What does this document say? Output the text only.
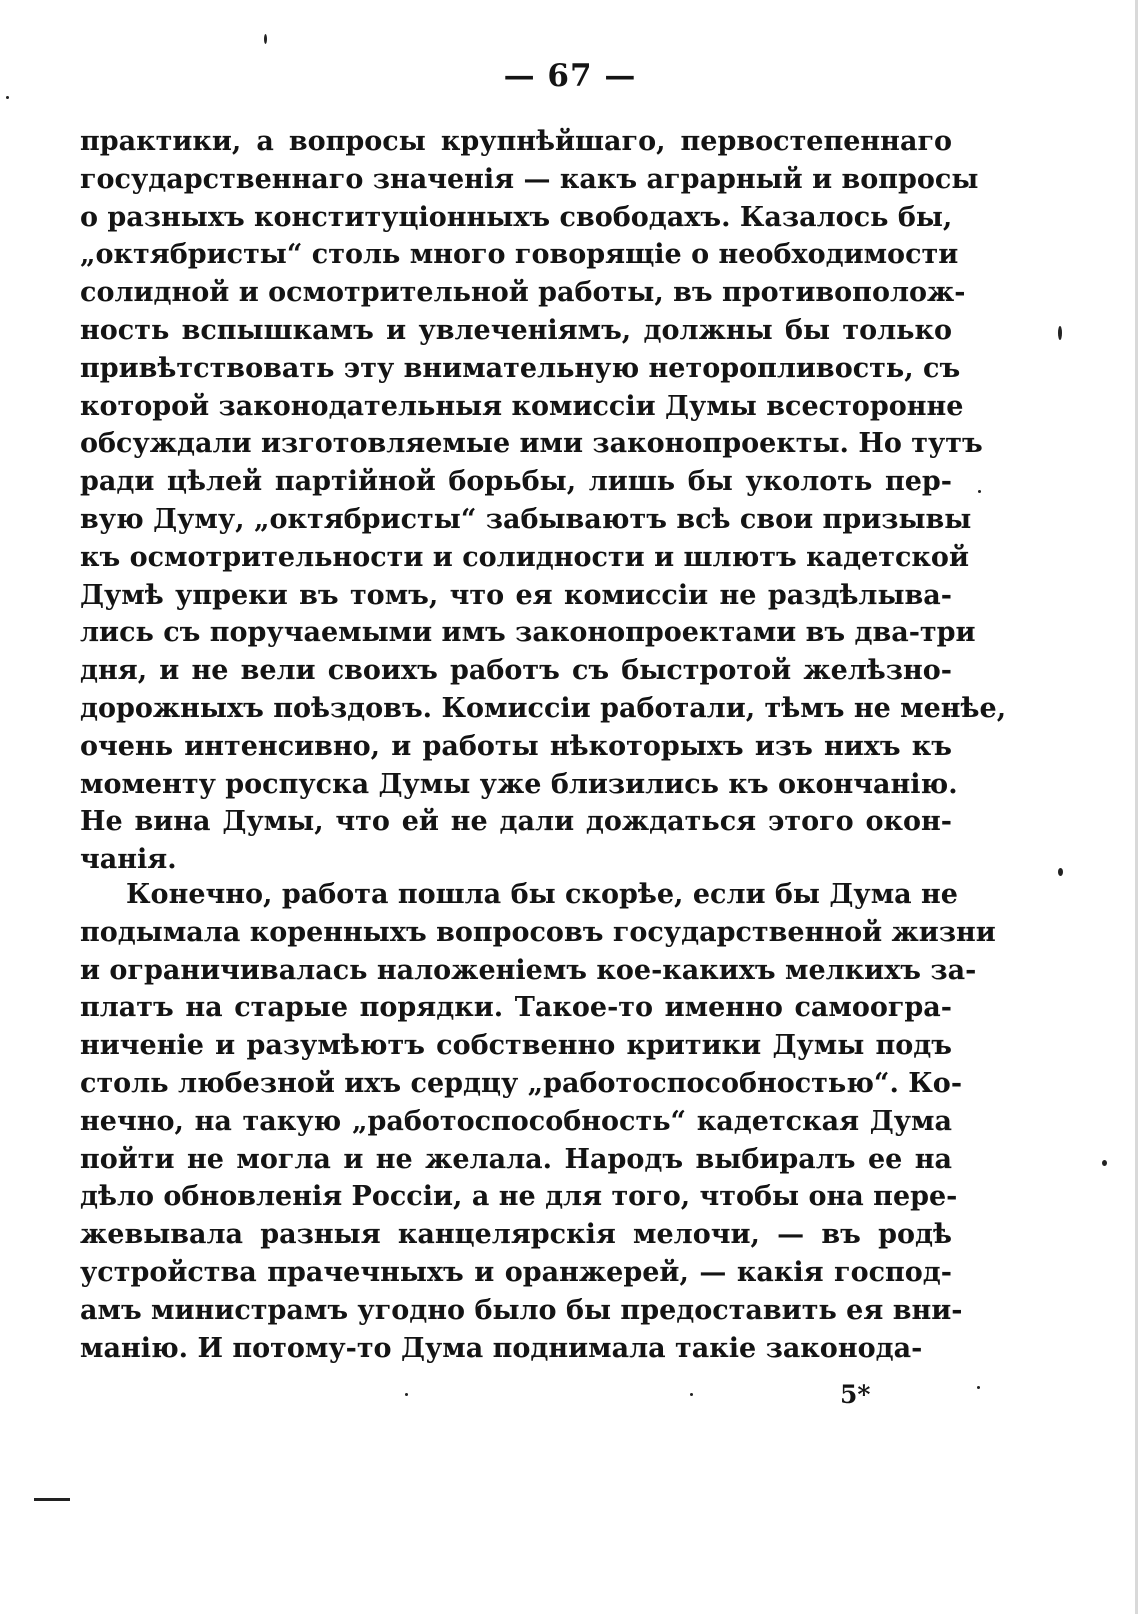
— 67 —
практики, а вопросы крупнѣйшаго, первостепеннаго
государственнаго значенія — какъ аграрный и вопросы
о разныхъ конституціонныхъ свободахъ. Казалось бы,
„октябристы“ столь много говорящіе о необходимости
солидной и осмотрительной работы, въ противополож-
ность вспышкамъ и увлеченіямъ, должны бы только
привѣтствовать эту внимательную неторопливость, съ
которой законодательныя комиссіи Думы всесторонне
обсуждали изготовляемые ими законопроекты. Но тутъ
ради цѣлей партійной борьбы, лишь бы уколоть пер-
вую Думу, „октябристы“ забываютъ всѣ свои призывы
къ осмотрительности и солидности и шлютъ кадетской
Думѣ упреки въ томъ, что ея комиссіи не раздѣлыва-
лись съ поручаемыми имъ законопроектами въ два-три
дня, и не вели своихъ работъ съ быстротой желѣзно-
дорожныхъ поѣздовъ. Комиссіи работали, тѣмъ не менѣе,
очень интенсивно, и работы нѣкоторыхъ изъ нихъ къ
моменту роспуска Думы уже близились къ окончанію.
Не вина Думы, что ей не дали дождаться этого окон-
чанія.
Конечно, работа пошла бы скорѣе, если бы Дума не
подымала коренныхъ вопросовъ государственной жизни
и ограничивалась наложеніемъ кое-какихъ мелкихъ за-
платъ на старые порядки. Такое-то именно самоогра-
ниченіе и разумѣютъ собственно критики Думы подъ
столь любезной ихъ сердцу „работоспособностью“. Ко-
нечно, на такую „работоспособность“ кадетская Дума
пойти не могла и не желала. Народъ выбиралъ ее на
дѣло обновленія Россіи, а не для того, чтобы она пере-
жевывала разныя канцелярскія мелочи, — въ родѣ
устройства прачечныхъ и оранжерей, — какія господ-
амъ министрамъ угодно было бы предоставить ея вни-
манію. И потому-то Дума поднимала такіе законода-
5*
